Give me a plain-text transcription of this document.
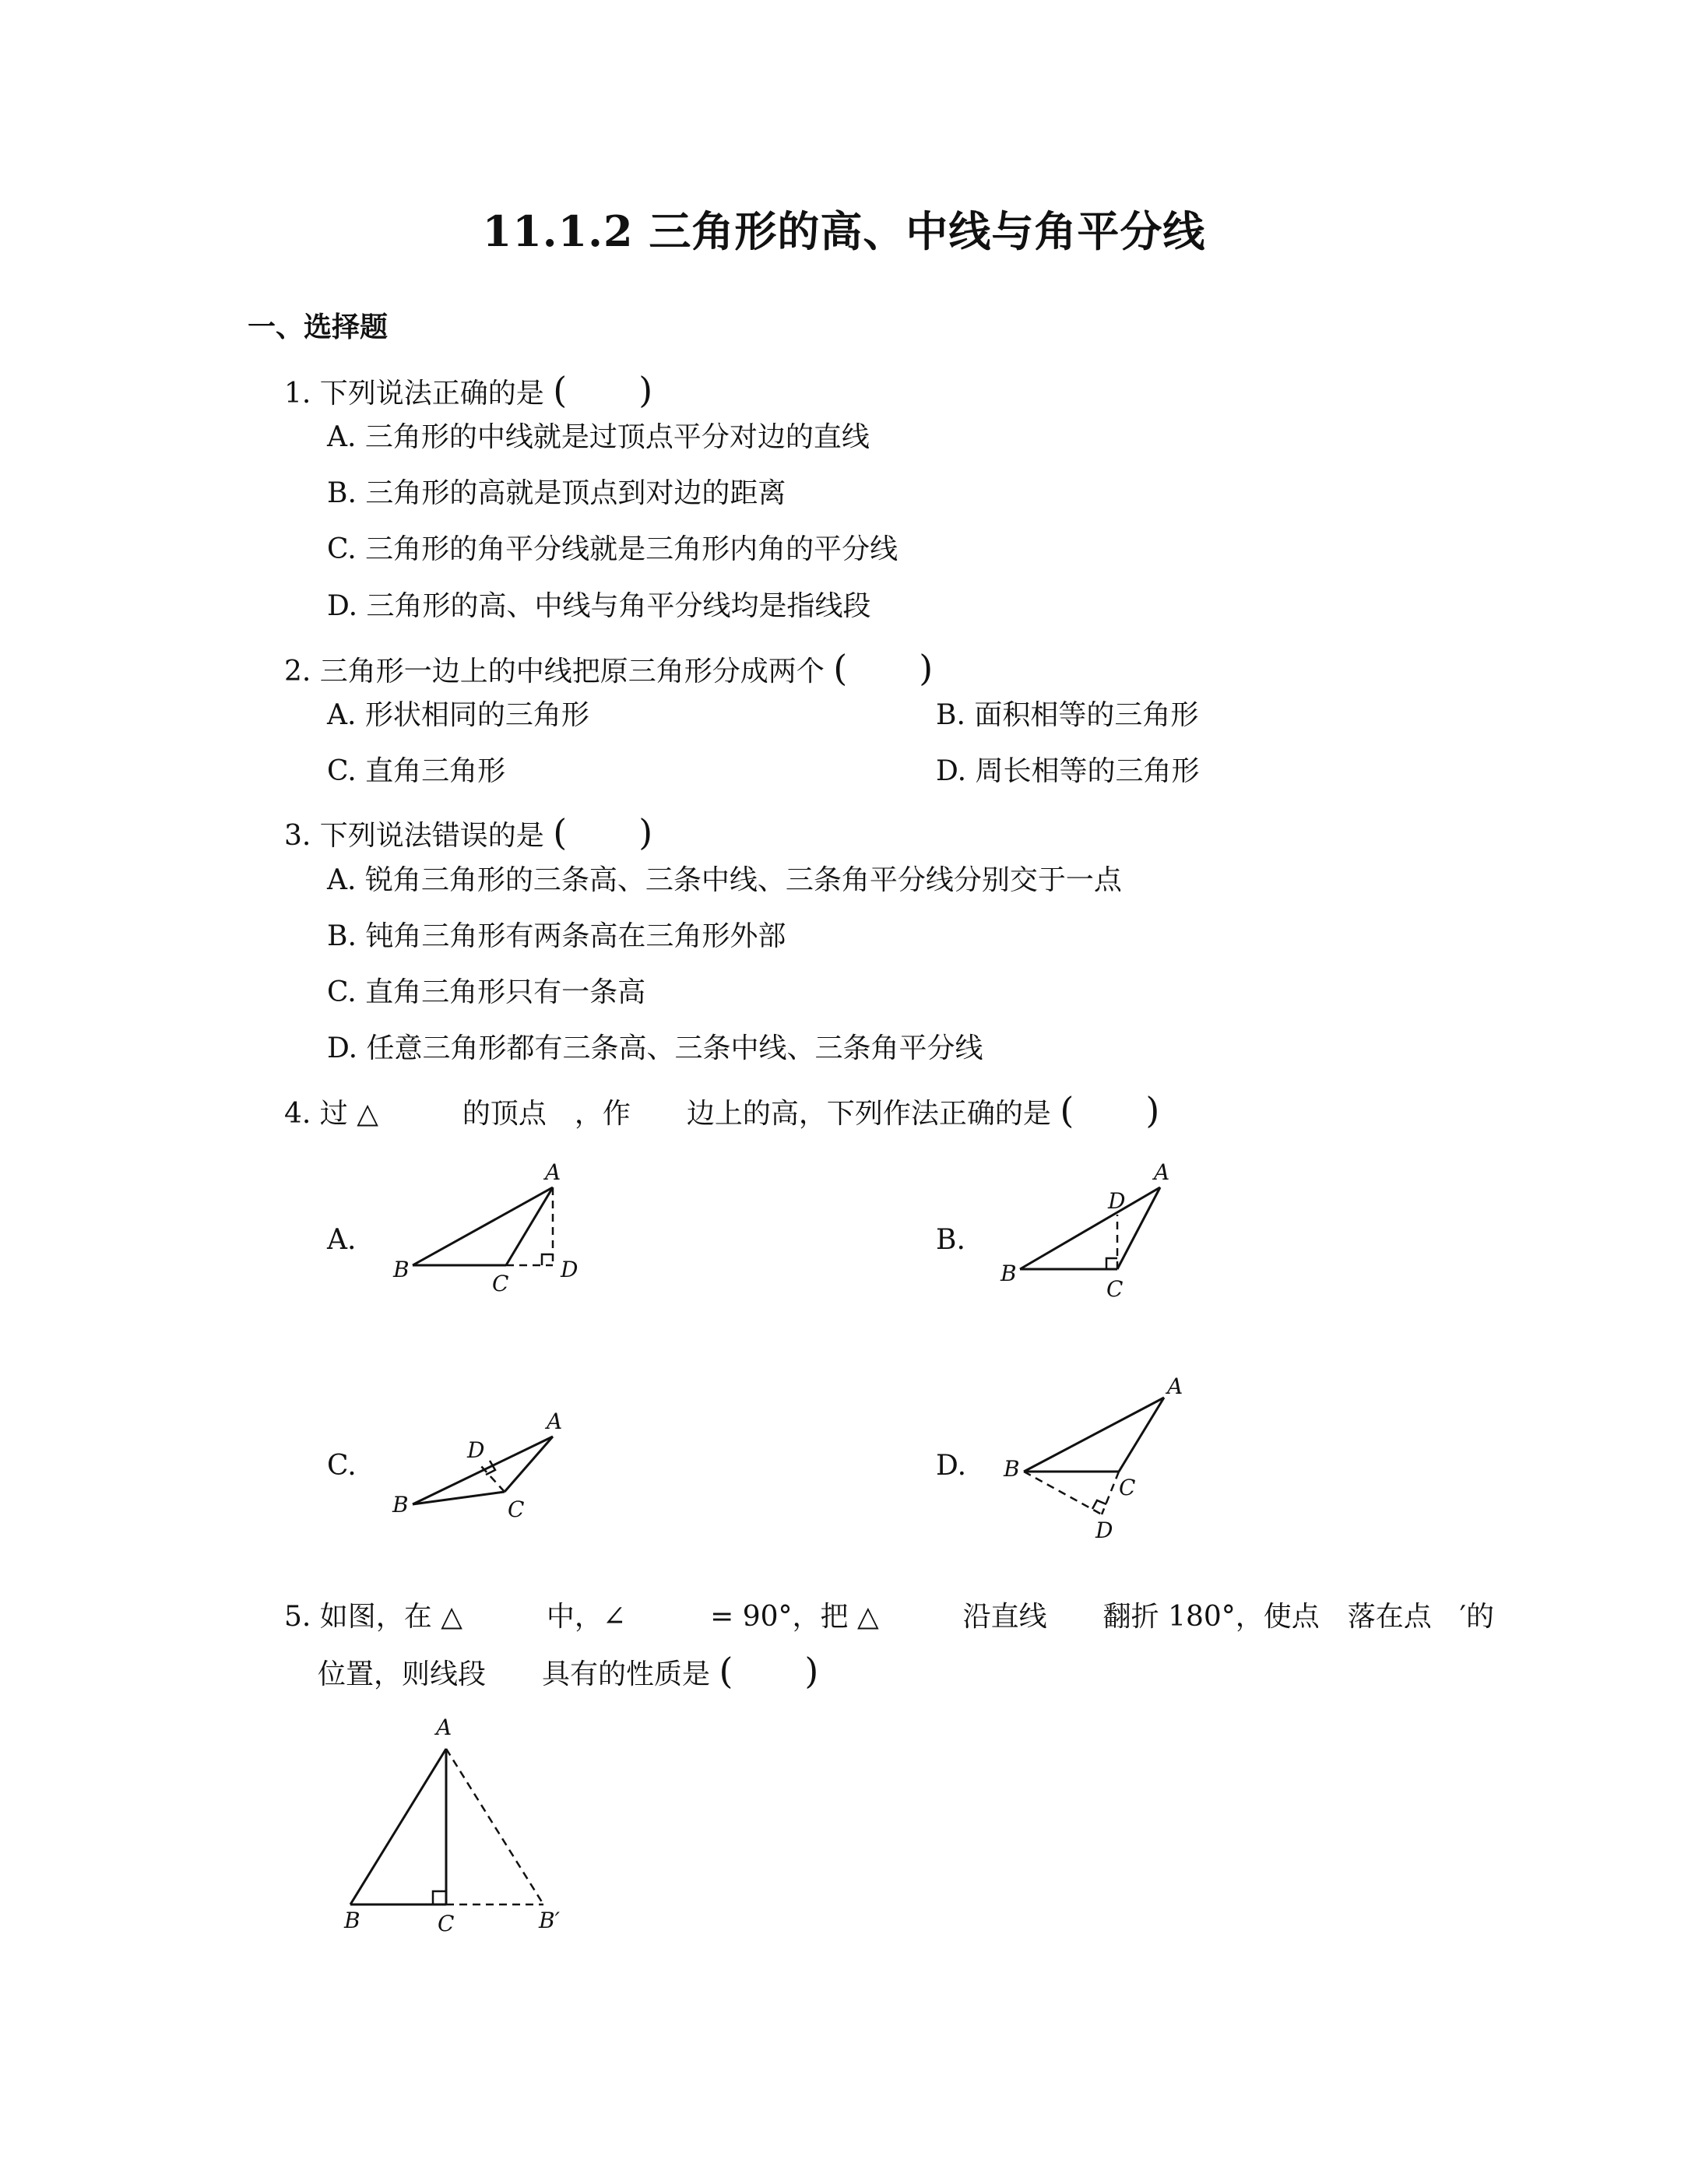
11.1.2 三角形的高、中线与角平分线
一、选择题
1. 下列说法正确的是 (　　)
A. 三角形的中线就是过顶点平分对边的直线
B. 三角形的高就是顶点到对边的距离
C. 三角形的角平分线就是三角形内角的平分线
D. 三角形的高、中线与角平分线均是指线段
2. 三角形一边上的中线把原三角形分成两个 (　　)
A. 形状相同的三角形	B. 面积相等的三角形
C. 直角三角形	D. 周长相等的三角形
3. 下列说法错误的是 (　　)
A. 锐角三角形的三条高、三条中线、三条角平分线分别交于一点
B. 钝角三角形有两条高在三角形外部
C. 直角三角形只有一条高
D. 任意三角形都有三条高、三条中线、三条角平分线
4. 过 △　　　的顶点　，作　　边上的高，下列作法正确的是 (　　)
A.
A
B
C
D
B.
A
D
B
C
C.
A
D
B	C
D.
A
B
C
D
5. 如图，在 △　　　中，∠　　　= 90°，把 △　　　沿直线　　翻折 180°，使点　落在点　′的
位置，则线段　　具有的性质是 (　　)
A
B	C	B′
